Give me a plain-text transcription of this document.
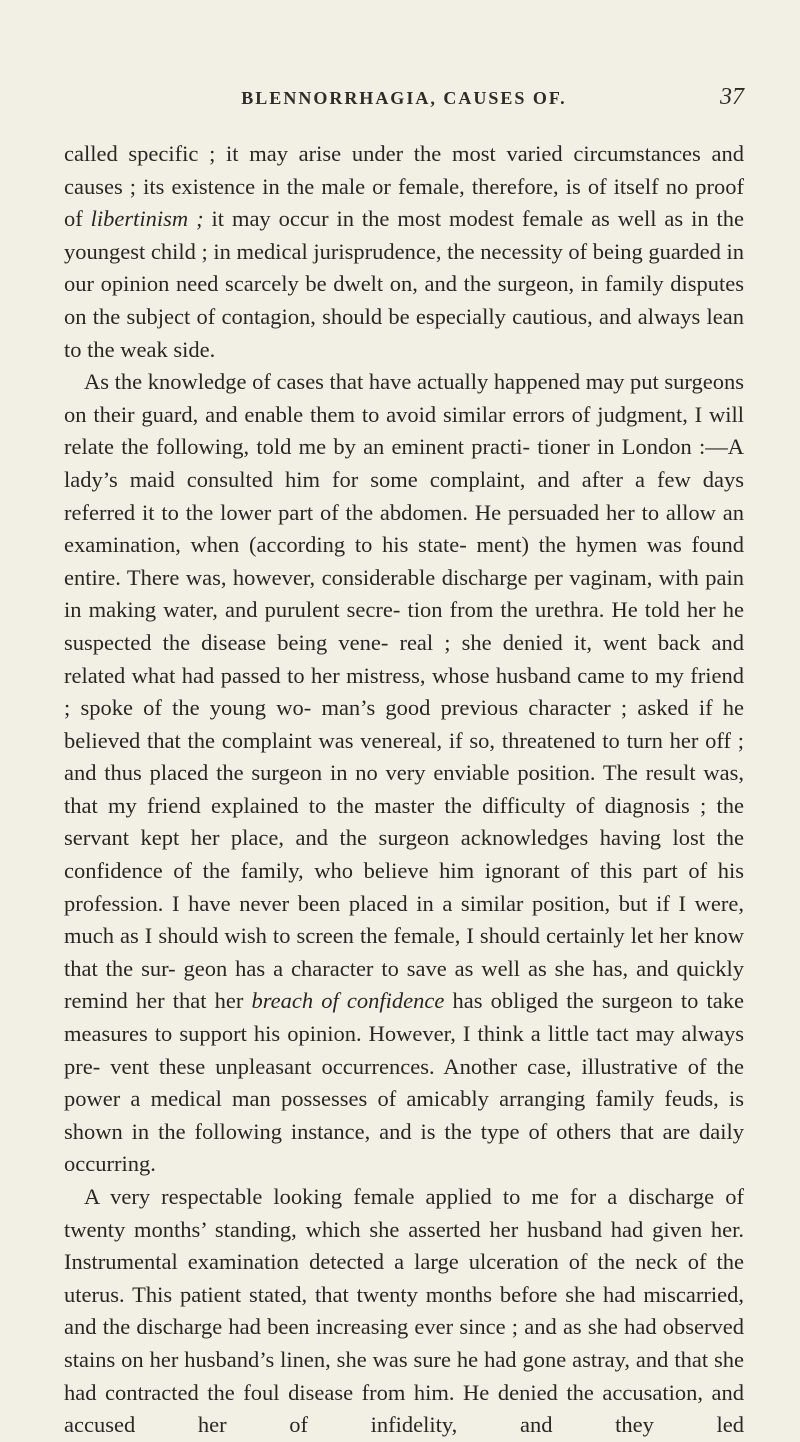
BLENNORRHAGIA, CAUSES OF.	37

called specific ; it may arise under the most varied circumstances and causes ; its existence in the male or female, therefore, is of itself no proof of libertinism ; it may occur in the most modest female as well as in the youngest child ; in medical jurisprudence, the necessity of being guarded in our opinion need scarcely be dwelt on, and the surgeon, in family disputes on the subject of contagion, should be especially cautious, and always lean to the weak side.

As the knowledge of cases that have actually happened may put surgeons on their guard, and enable them to avoid similar errors of judgment, I will relate the following, told me by an eminent practi- tioner in London :—A lady’s maid consulted him for some complaint, and after a few days referred it to the lower part of the abdomen. He persuaded her to allow an examination, when (according to his state- ment) the hymen was found entire. There was, however, considerable discharge per vaginam, with pain in making water, and purulent secre- tion from the urethra. He told her he suspected the disease being vene- real ; she denied it, went back and related what had passed to her mistress, whose husband came to my friend ; spoke of the young wo- man’s good previous character ; asked if he believed that the complaint was venereal, if so, threatened to turn her off ; and thus placed the surgeon in no very enviable position. The result was, that my friend explained to the master the difficulty of diagnosis ; the servant kept her place, and the surgeon acknowledges having lost the confidence of the family, who believe him ignorant of this part of his profession. I have never been placed in a similar position, but if I were, much as I should wish to screen the female, I should certainly let her know that the sur- geon has a character to save as well as she has, and quickly remind her that her breach of confidence has obliged the surgeon to take measures to support his opinion. However, I think a little tact may always pre- vent these unpleasant occurrences. Another case, illustrative of the power a medical man possesses of amicably arranging family feuds, is shown in the following instance, and is the type of others that are daily occurring.

A very respectable looking female applied to me for a discharge of twenty months’ standing, which she asserted her husband had given her. Instrumental examination detected a large ulceration of the neck of the uterus. This patient stated, that twenty months before she had miscarried, and the discharge had been increasing ever since ; and as she had observed stains on her husband’s linen, she was sure he had gone astray, and that she had contracted the foul disease from him. He denied the accusation, and accused her of infidelity, and they led
